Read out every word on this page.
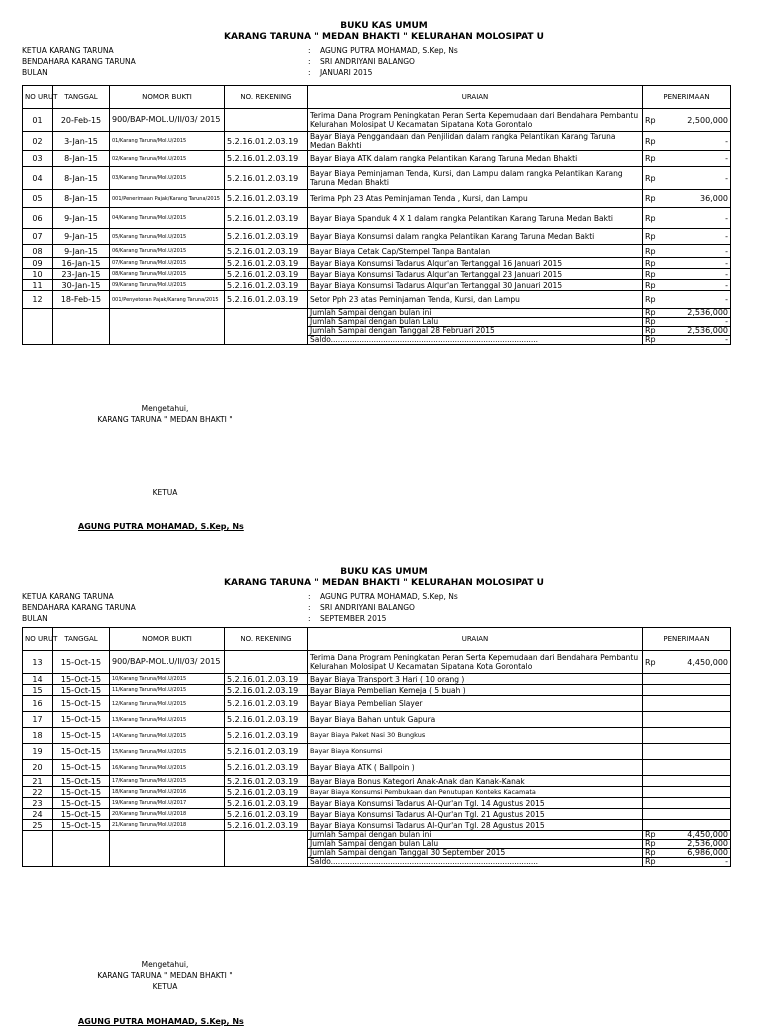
BUKU KAS UMUM
KARANG TARUNA " MEDAN BHAKTI " KELURAHAN MOLOSIPAT U
KETUA KARANG TARUNA	: AGUNG PUTRA MOHAMAD, S.Kep, Ns
BENDAHARA KARANG TARUNA	: SRI ANDRIYANI BALANGO
BULAN	: JANUARI 2015
NO URUT	TANGGAL	NOMOR BUKTI	NO. REKENING	URAIAN	PENERIMAAN	
01	20-Feb-15	900/BAP-MOL.U/II/03/ 2015		Terima Dana Program Peningkatan Peran Serta Kepemudaan dari Bendahara Pembantu Kelurahan Molosipat U Kecamatan Sipatana Kota Gorontalo	Rp	2,500,000
02	3-Jan-15	01/Karang Taruna/Mol.U/2015	5.2.16.01.2.03.19	Bayar Biaya Penggandaan dan Penjilidan dalam rangka Pelantikan Karang Taruna Medan Bakhti	Rp	-
03	8-Jan-15	02/Karang Taruna/Mol.U/2015	5.2.16.01.2.03.19	Bayar Biaya ATK dalam rangka Pelantikan Karang Taruna Medan Bhakti	Rp	-
04	8-Jan-15	03/Karang Taruna/Mol.U/2015	5.2.16.01.2.03.19	Bayar Biaya Peminjaman Tenda, Kursi, dan Lampu dalam rangka Pelantikan Karang Taruna Medan Bhakti	Rp	-
05	8-Jan-15	001/Penerimaan Pajak/Karang Taruna/2015	5.2.16.01.2.03.19	Terima Pph 23 Atas Peminjaman Tenda , Kursi, dan Lampu	Rp	36,000
06	9-Jan-15	04/Karang Taruna/Mol.U/2015	5.2.16.01.2.03.19	Bayar Biaya Spanduk 4 X 1 dalam rangka Pelantikan Karang Taruna Medan Bakti	Rp	-
07	9-Jan-15	05/Karang Taruna/Mol.U/2015	5.2.16.01.2.03.19	Bayar Biaya Konsumsi dalam rangka Pelantikan Karang Taruna Medan Bakti	Rp	-
08	9-Jan-15	06/Karang Taruna/Mol.U/2015	5.2.16.01.2.03.19	Bayar Biaya Cetak Cap/Stempel Tanpa Bantalan	Rp	-
09	16-Jan-15	07/Karang Taruna/Mol.U/2015	5.2.16.01.2.03.19	Bayar Biaya Konsumsi Tadarus Alqur'an Tertanggal 16 Januari 2015	Rp	-
10	23-Jan-15	08/Karang Taruna/Mol.U/2015	5.2.16.01.2.03.19	Bayar Biaya Konsumsi Tadarus Alqur'an Tertanggal 23 Januari 2015	Rp	-
11	30-Jan-15	09/Karang Taruna/Mol.U/2015	5.2.16.01.2.03.19	Bayar Biaya Konsumsi Tadarus Alqur'an Tertanggal 30 Januari 2015	Rp	-
12	18-Feb-15	001/Penyetoran Pajak/Karang Taruna/2015	5.2.16.01.2.03.19	Setor Pph 23 atas Peminjaman Tenda, Kursi, dan Lampu	Rp	-
				Jumlah Sampai dengan bulan ini	Rp	2,536,000
				Jumlah Sampai dengan bulan Lalu	Rp	-
				Jumlah Sampai dengan Tanggal 28 Februari 2015	Rp	2,536,000
				Saldo.......................................................................................	Rp	-
Mengetahui,
KARANG TARUNA " MEDAN BHAKTI "
KETUA
AGUNG PUTRA MOHAMAD, S.Kep, Ns
BUKU KAS UMUM
KARANG TARUNA " MEDAN BHAKTI " KELURAHAN MOLOSIPAT U
KETUA KARANG TARUNA	: AGUNG PUTRA MOHAMAD, S.Kep, Ns
BENDAHARA KARANG TARUNA	: SRI ANDRIYANI BALANGO
BULAN	: SEPTEMBER 2015
NO URUT	TANGGAL	NOMOR BUKTI	NO. REKENING	URAIAN	PENERIMAAN	
13	15-Oct-15	900/BAP-MOL.U/II/03/ 2015		Terima Dana Program Peningkatan Peran Serta Kepemudaan dari Bendahara Pembantu Kelurahan Molosipat U Kecamatan Sipatana Kota Gorontalo	Rp	4,450,000
14	15-Oct-15	10/Karang Taruna/Mol.U/2015	5.2.16.01.2.03.19	Bayar Biaya Transport 3 Hari ( 10 orang )		
15	15-Oct-15	11/Karang Taruna/Mol.U/2015	5.2.16.01.2.03.19	Bayar Biaya Pembelian Kemeja ( 5 buah )		
16	15-Oct-15	12/Karang Taruna/Mol.U/2015	5.2.16.01.2.03.19	Bayar Biaya Pembelian Slayer		
17	15-Oct-15	13/Karang Taruna/Mol.U/2015	5.2.16.01.2.03.19	Bayar Biaya Bahan untuk Gapura		
18	15-Oct-15	14/Karang Taruna/Mol.U/2015	5.2.16.01.2.03.19	Bayar Biaya Paket Nasi 30 Bungkus		
19	15-Oct-15	15/Karang Taruna/Mol.U/2015	5.2.16.01.2.03.19	Bayar Biaya Konsumsi		
20	15-Oct-15	16/Karang Taruna/Mol.U/2015	5.2.16.01.2.03.19	Bayar Biaya ATK ( Ballpoin )		
21	15-Oct-15	17/Karang Taruna/Mol.U/2015	5.2.16.01.2.03.19	Bayar Biaya Bonus Kategori Anak-Anak dan Kanak-Kanak		
22	15-Oct-15	18/Karang Taruna/Mol.U/2016	5.2.16.01.2.03.19	Bayar Biaya Konsumsi Pembukaan dan Penutupan Konteks Kacamata		
23	15-Oct-15	19/Karang Taruna/Mol.U/2017	5.2.16.01.2.03.19	Bayar Biaya Konsumsi Tadarus Al-Qur'an Tgl. 14 Agustus 2015		
24	15-Oct-15	20/Karang Taruna/Mol.U/2018	5.2.16.01.2.03.19	Bayar Biaya Konsumsi Tadarus Al-Qur'an Tgl. 21 Agustus 2015		
25	15-Oct-15	21/Karang Taruna/Mol.U/2018	5.2.16.01.2.03.19	Bayar Biaya Konsumsi Tadarus Al-Qur'an Tgl. 28 Agustus 2015		
				Jumlah Sampai dengan bulan ini	Rp	4,450,000
				Jumlah Sampai dengan bulan Lalu	Rp	2,536,000
				Jumlah Sampai dengan Tanggal 30 September 2015	Rp	6,986,000
				Saldo.......................................................................................	Rp	-
Mengetahui,
KARANG TARUNA " MEDAN BHAKTI "
KETUA
AGUNG PUTRA MOHAMAD, S.Kep, Ns
